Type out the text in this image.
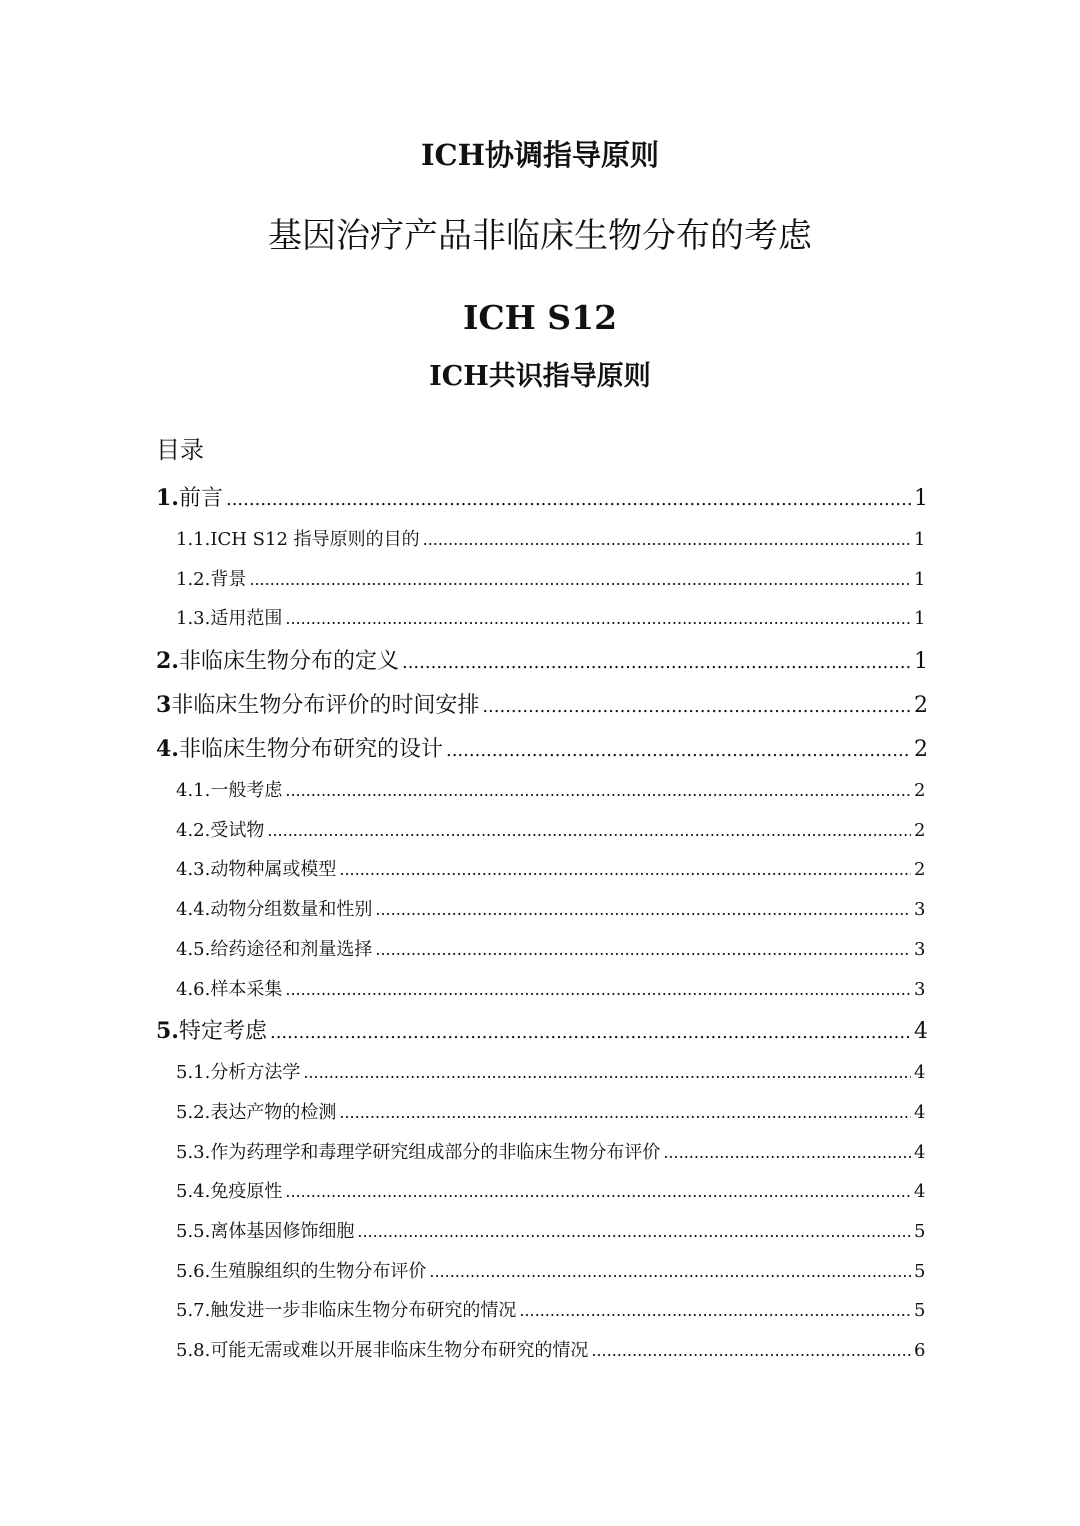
ICH协调指导原则
基因治疗产品非临床生物分布的考虑
ICH S12
ICH共识指导原则
目录
1. 前言 .....	1
1.1. ICH S12 指导原则的目的 .....	1
1.2. 背景 .....	1
1.3. 适用范围 .....	1
2. 非临床生物分布的定义 .....	1
3 非临床生物分布评价的时间安排 .....	2
4. 非临床生物分布研究的设计 .....	2
4.1. 一般考虑 .....	2
4.2. 受试物 .....	2
4.3. 动物种属或模型 .....	2
4.4. 动物分组数量和性别 .....	3
4.5. 给药途径和剂量选择 .....	3
4.6. 样本采集 .....	3
5. 特定考虑 .....	4
5.1. 分析方法学 .....	4
5.2. 表达产物的检测 .....	4
5.3. 作为药理学和毒理学研究组成部分的非临床生物分布评价 .....	4
5.4. 免疫原性 .....	4
5.5. 离体基因修饰细胞 .....	5
5.6. 生殖腺组织的生物分布评价 .....	5
5.7. 触发进一步非临床生物分布研究的情况 .....	5
5.8. 可能无需或难以开展非临床生物分布研究的情况 .....	6
